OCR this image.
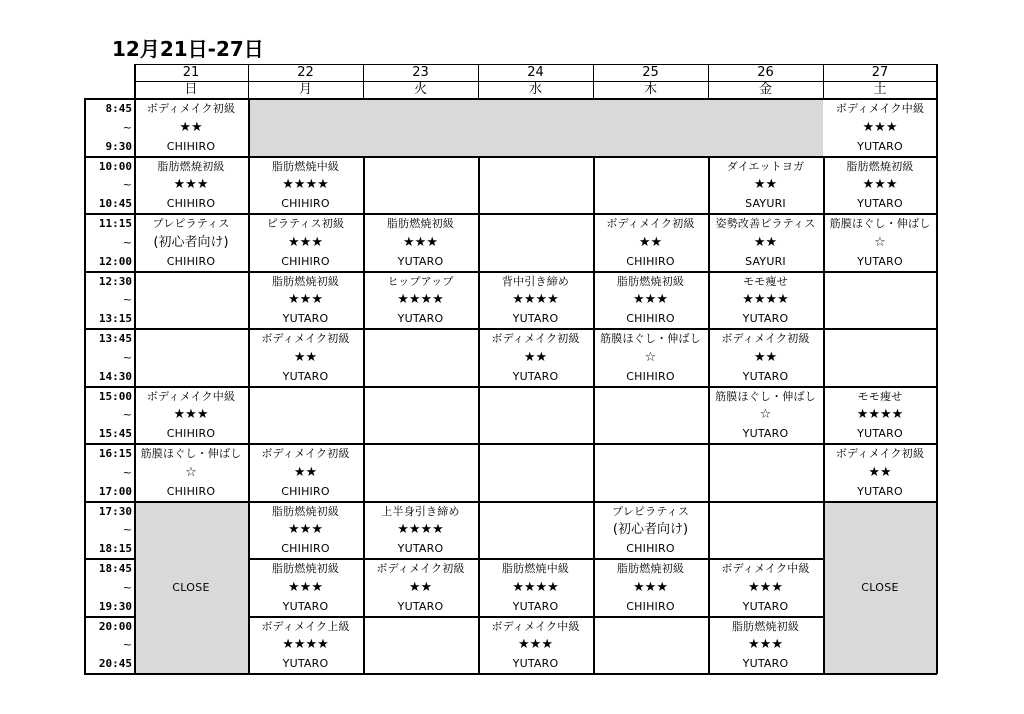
12月21日-27日
21
日
22
月
23
火
24
水
25
木
26
金
27
土
8:45
~
9:30
ボディメイク初級
★★
CHIHIRO
ボディメイク中級
★★★
YUTARO
10:00
~
10:45
脂肪燃焼初級
★★★
CHIHIRO
脂肪燃焼中級
★★★★
CHIHIRO
ダイエットヨガ
★★
SAYURI
脂肪燃焼初級
★★★
YUTARO
11:15
~
12:00
プレピラティス
(初心者向け)
CHIHIRO
ピラティス初級
★★★
CHIHIRO
脂肪燃焼初級
★★★
YUTARO
ボディメイク初級
★★
CHIHIRO
姿勢改善ピラティス
★★
SAYURI
筋膜ほぐし・伸ばし
☆
YUTARO
12:30
~
13:15
脂肪燃焼初級
★★★
YUTARO
ヒップアップ
★★★★
YUTARO
背中引き締め
★★★★
YUTARO
脂肪燃焼初級
★★★
CHIHIRO
モモ痩せ
★★★★
YUTARO
13:45
~
14:30
ボディメイク初級
★★
YUTARO
ボディメイク初級
★★
YUTARO
筋膜ほぐし・伸ばし
☆
CHIHIRO
ボディメイク初級
★★
YUTARO
15:00
~
15:45
ボディメイク中級
★★★
CHIHIRO
筋膜ほぐし・伸ばし
☆
YUTARO
モモ痩せ
★★★★
YUTARO
16:15
~
17:00
筋膜ほぐし・伸ばし
☆
CHIHIRO
ボディメイク初級
★★
CHIHIRO
ボディメイク初級
★★
YUTARO
17:30
~
18:15
脂肪燃焼初級
★★★
CHIHIRO
上半身引き締め
★★★★
YUTARO
プレピラティス
(初心者向け)
CHIHIRO
18:45
~
19:30
脂肪燃焼初級
★★★
YUTARO
ボディメイク初級
★★
YUTARO
脂肪燃焼中級
★★★★
YUTARO
脂肪燃焼初級
★★★
CHIHIRO
ボディメイク中級
★★★
YUTARO
20:00
~
20:45
ボディメイク上級
★★★★
YUTARO
ボディメイク中級
★★★
YUTARO
脂肪燃焼初級
★★★
YUTARO
CLOSE	CLOSE
